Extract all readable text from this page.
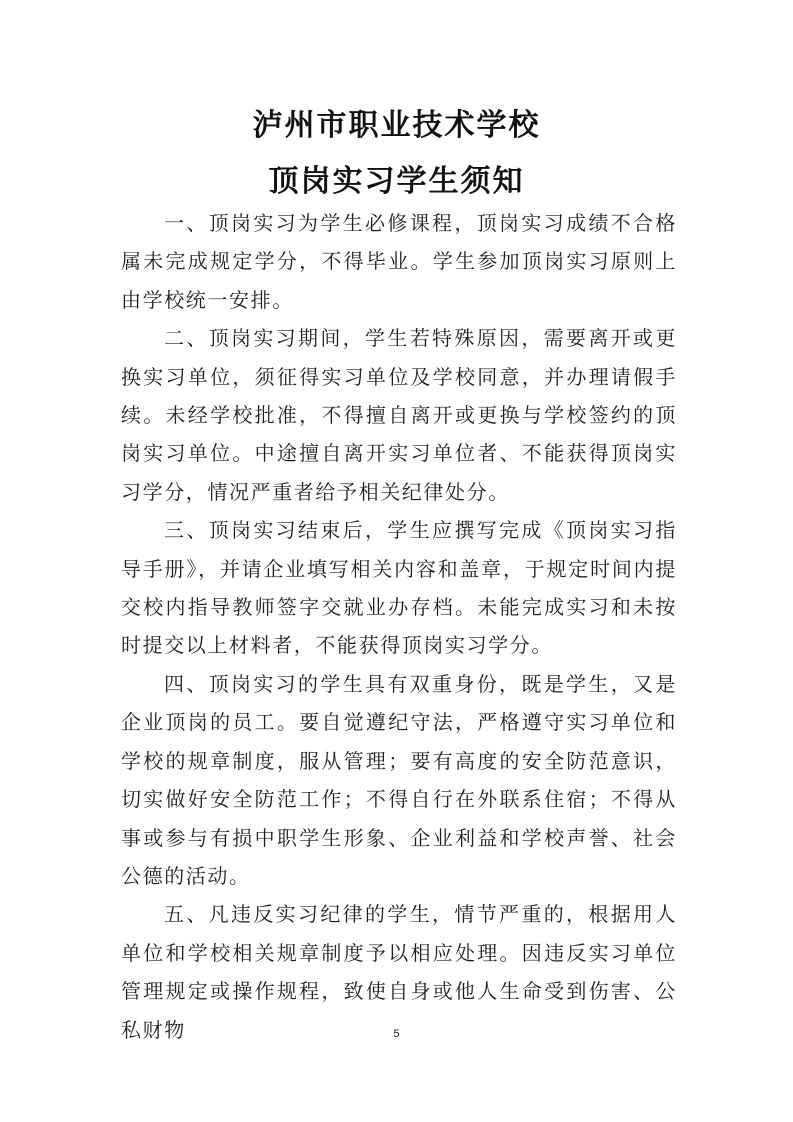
泸州市职业技术学校
顶岗实习学生须知

一、顶岗实习为学生必修课程，顶岗实习成绩不合格属未完成规定学分，不得毕业。学生参加顶岗实习原则上由学校统一安排。

二、顶岗实习期间，学生若特殊原因，需要离开或更换实习单位，须征得实习单位及学校同意，并办理请假手续。未经学校批准，不得擅自离开或更换与学校签约的顶岗实习单位。中途擅自离开实习单位者、不能获得顶岗实习学分，情况严重者给予相关纪律处分。

三、顶岗实习结束后，学生应撰写完成《顶岗实习指导手册》，并请企业填写相关内容和盖章，于规定时间内提交校内指导教师签字交就业办存档。未能完成实习和未按时提交以上材料者，不能获得顶岗实习学分。

四、顶岗实习的学生具有双重身份，既是学生，又是企业顶岗的员工。要自觉遵纪守法，严格遵守实习单位和学校的规章制度，服从管理；要有高度的安全防范意识，切实做好安全防范工作；不得自行在外联系住宿；不得从事或参与有损中职学生形象、企业利益和学校声誉、社会公德的活动。

五、凡违反实习纪律的学生，情节严重的，根据用人单位和学校相关规章制度予以相应处理。因违反实习单位管理规定或操作规程，致使自身或他人生命受到伤害、公私财物	5
